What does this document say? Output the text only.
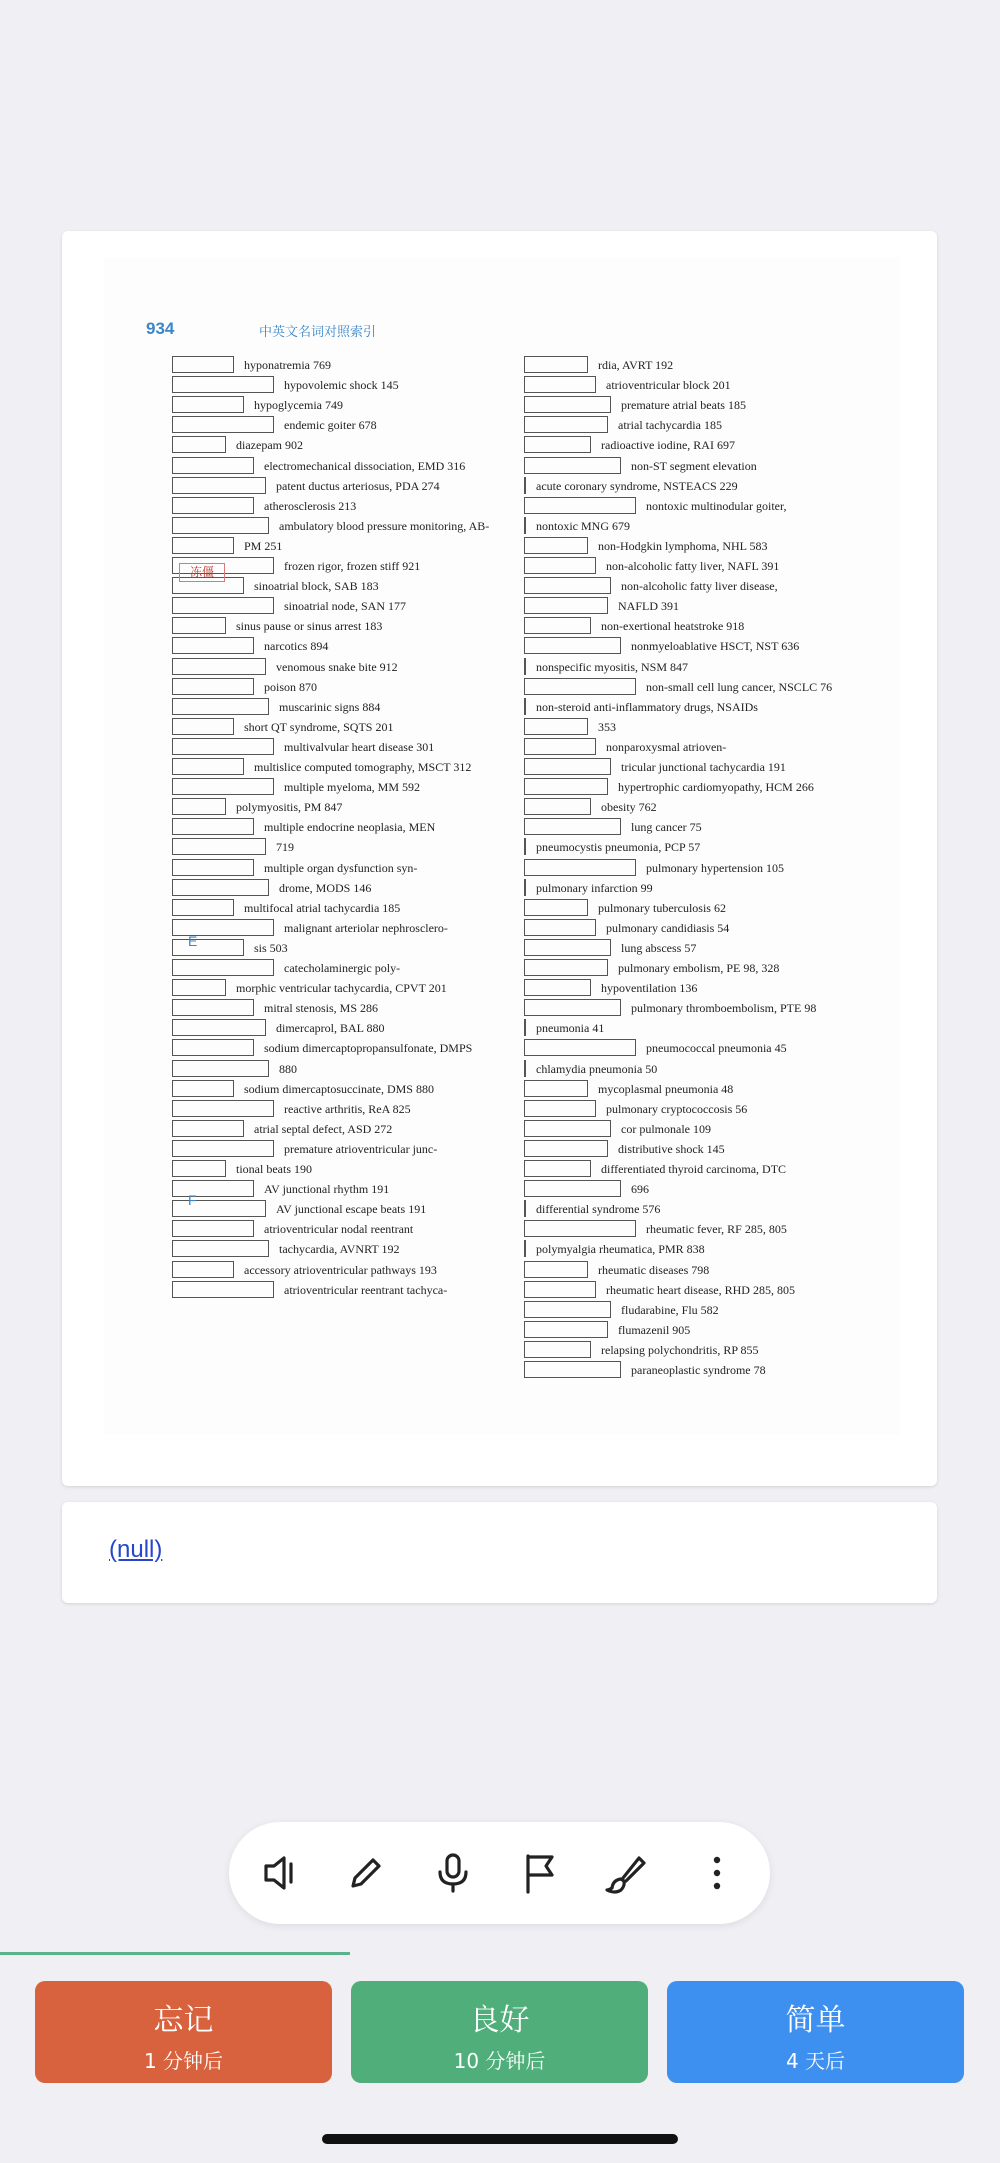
934	中英文名词对照索引
hyponatremia 769
hypovolemic shock 145
hypoglycemia 749
endemic goiter 678
diazepam 902
electromechanical dissociation, EMD 316
patent ductus arteriosus, PDA 274
atherosclerosis 213
ambulatory blood pressure monitoring, AB-
PM 251
frozen rigor, frozen stiff 921
sinoatrial block, SAB 183
sinoatrial node, SAN 177
sinus pause or sinus arrest 183
narcotics 894
venomous snake bite 912
poison 870
muscarinic signs 884
short QT syndrome, SQTS 201
multivalvular heart disease 301
multislice computed tomography, MSCT 312
multiple myeloma, MM 592
polymyositis, PM 847
multiple endocrine neoplasia, MEN
719
multiple organ dysfunction syn-
drome, MODS 146
multifocal atrial tachycardia 185
malignant arteriolar nephrosclero-
sis 503
catecholaminergic poly-
morphic ventricular tachycardia, CPVT 201
mitral stenosis, MS 286
dimercaprol, BAL 880
sodium dimercaptopropansulfonate, DMPS
880
sodium dimercaptosuccinate, DMS 880
reactive arthritis, ReA 825
atrial septal defect, ASD 272
premature atrioventricular junc-
tional beats 190
AV junctional rhythm 191
AV junctional escape beats 191
atrioventricular nodal reentrant
tachycardia, AVNRT 192
accessory atrioventricular pathways 193
atrioventricular reentrant tachyca-
rdia, AVRT 192
atrioventricular block 201
premature atrial beats 185
atrial tachycardia 185
radioactive iodine, RAI 697
non-ST segment elevation
acute coronary syndrome, NSTEACS 229
nontoxic multinodular goiter,
nontoxic MNG 679
non-Hodgkin lymphoma, NHL 583
non-alcoholic fatty liver, NAFL 391
non-alcoholic fatty liver disease,
NAFLD 391
non-exertional heatstroke 918
nonmyeloablative HSCT, NST 636
nonspecific myositis, NSM 847
non-small cell lung cancer, NSCLC 76
non-steroid anti-inflammatory drugs, NSAIDs
353
nonparoxysmal atrioven-
tricular junctional tachycardia 191
hypertrophic cardiomyopathy, HCM 266
obesity 762
lung cancer 75
pneumocystis pneumonia, PCP 57
pulmonary hypertension 105
pulmonary infarction 99
pulmonary tuberculosis 62
pulmonary candidiasis 54
lung abscess 57
pulmonary embolism, PE 98, 328
hypoventilation 136
pulmonary thromboembolism, PTE 98
pneumonia 41
pneumococcal pneumonia 45
chlamydia pneumonia 50
mycoplasmal pneumonia 48
pulmonary cryptococcosis 56
cor pulmonale 109
distributive shock 145
differentiated thyroid carcinoma, DTC
696
differential syndrome 576
rheumatic fever, RF 285, 805
polymyalgia rheumatica, PMR 838
rheumatic diseases 798
rheumatic heart disease, RHD 285, 805
fludarabine, Flu 582
flumazenil 905
relapsing polychondritis, RP 855
paraneoplastic syndrome 78
冻僵
E
F
(null)
忘记
1 分钟后
良好
10 分钟后
简单
4 天后
